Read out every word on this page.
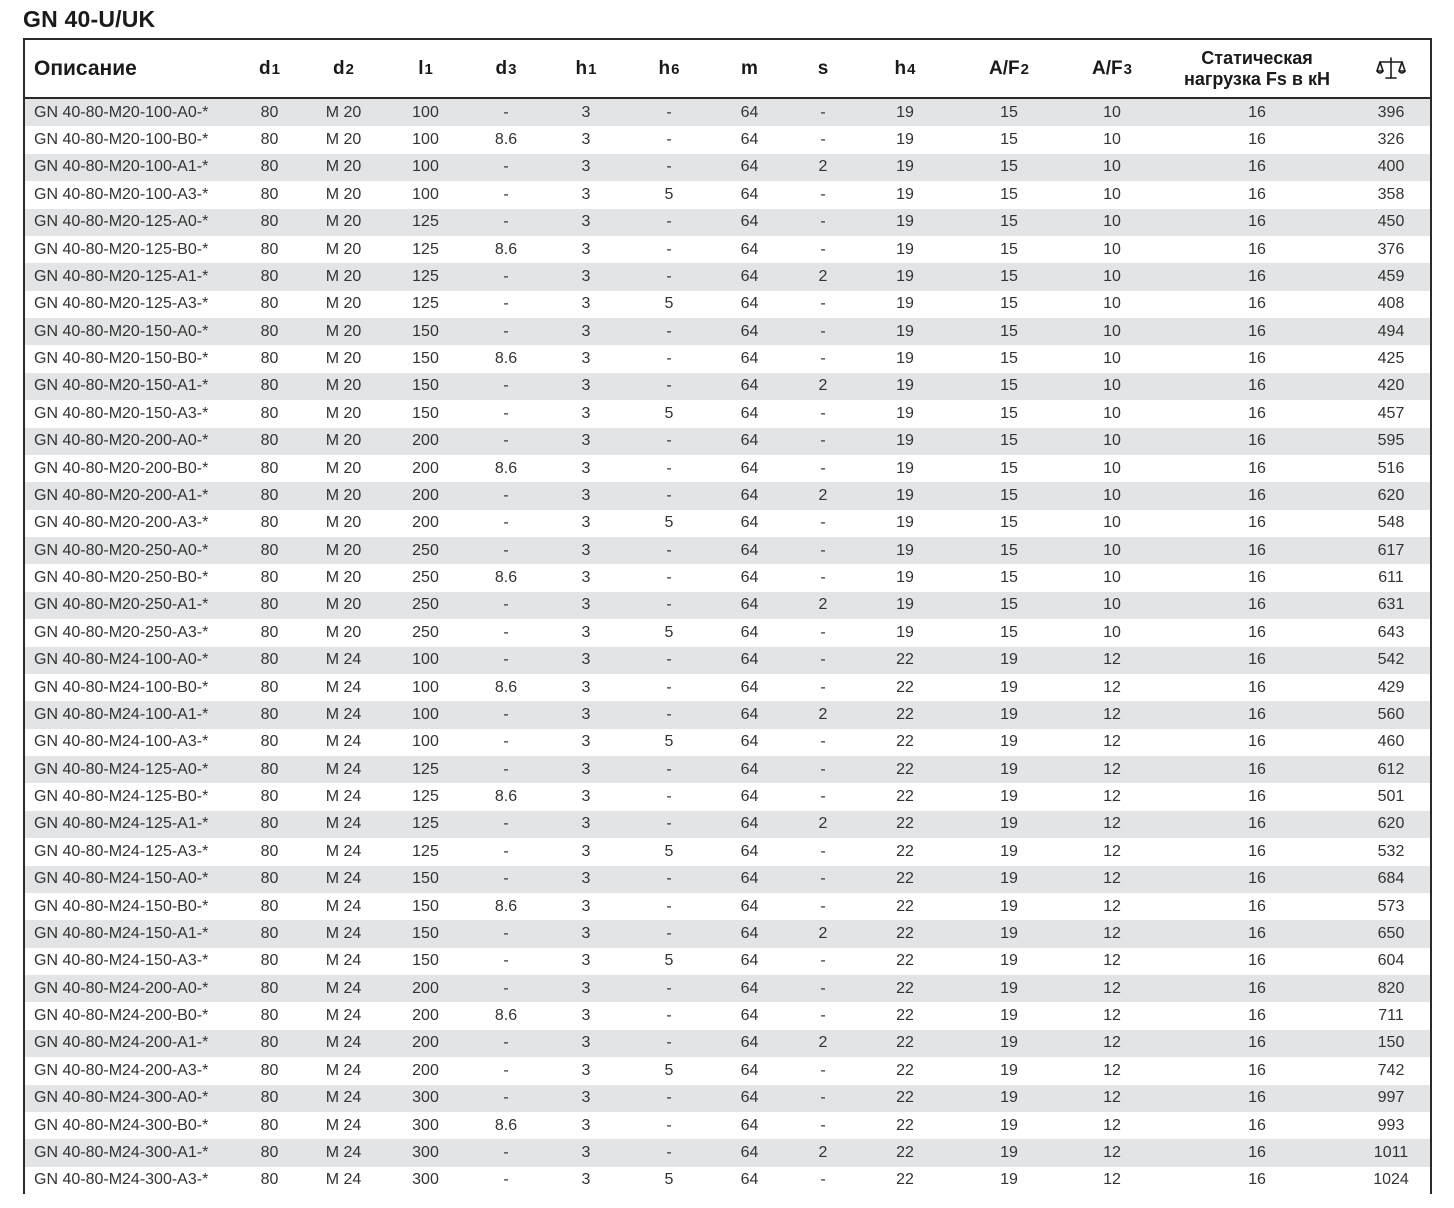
GN 40-U/UK
Описание	d1	d2	l1	d3	h1	h6	m	s	h4	A/F2	A/F3	Статическая
нагрузка Fs в кН

GN 40-80-M20-100-A0-*	80	M 20	100	-	3	-	64	-	19	15	10	16	396
GN 40-80-M20-100-B0-*	80	M 20	100	8.6	3	-	64	-	19	15	10	16	326
GN 40-80-M20-100-A1-*	80	M 20	100	-	3	-	64	2	19	15	10	16	400
GN 40-80-M20-100-A3-*	80	M 20	100	-	3	5	64	-	19	15	10	16	358
GN 40-80-M20-125-A0-*	80	M 20	125	-	3	-	64	-	19	15	10	16	450
GN 40-80-M20-125-B0-*	80	M 20	125	8.6	3	-	64	-	19	15	10	16	376
GN 40-80-M20-125-A1-*	80	M 20	125	-	3	-	64	2	19	15	10	16	459
GN 40-80-M20-125-A3-*	80	M 20	125	-	3	5	64	-	19	15	10	16	408
GN 40-80-M20-150-A0-*	80	M 20	150	-	3	-	64	-	19	15	10	16	494
GN 40-80-M20-150-B0-*	80	M 20	150	8.6	3	-	64	-	19	15	10	16	425
GN 40-80-M20-150-A1-*	80	M 20	150	-	3	-	64	2	19	15	10	16	420
GN 40-80-M20-150-A3-*	80	M 20	150	-	3	5	64	-	19	15	10	16	457
GN 40-80-M20-200-A0-*	80	M 20	200	-	3	-	64	-	19	15	10	16	595
GN 40-80-M20-200-B0-*	80	M 20	200	8.6	3	-	64	-	19	15	10	16	516
GN 40-80-M20-200-A1-*	80	M 20	200	-	3	-	64	2	19	15	10	16	620
GN 40-80-M20-200-A3-*	80	M 20	200	-	3	5	64	-	19	15	10	16	548
GN 40-80-M20-250-A0-*	80	M 20	250	-	3	-	64	-	19	15	10	16	617
GN 40-80-M20-250-B0-*	80	M 20	250	8.6	3	-	64	-	19	15	10	16	611
GN 40-80-M20-250-A1-*	80	M 20	250	-	3	-	64	2	19	15	10	16	631
GN 40-80-M20-250-A3-*	80	M 20	250	-	3	5	64	-	19	15	10	16	643
GN 40-80-M24-100-A0-*	80	M 24	100	-	3	-	64	-	22	19	12	16	542
GN 40-80-M24-100-B0-*	80	M 24	100	8.6	3	-	64	-	22	19	12	16	429
GN 40-80-M24-100-A1-*	80	M 24	100	-	3	-	64	2	22	19	12	16	560
GN 40-80-M24-100-A3-*	80	M 24	100	-	3	5	64	-	22	19	12	16	460
GN 40-80-M24-125-A0-*	80	M 24	125	-	3	-	64	-	22	19	12	16	612
GN 40-80-M24-125-B0-*	80	M 24	125	8.6	3	-	64	-	22	19	12	16	501
GN 40-80-M24-125-A1-*	80	M 24	125	-	3	-	64	2	22	19	12	16	620
GN 40-80-M24-125-A3-*	80	M 24	125	-	3	5	64	-	22	19	12	16	532
GN 40-80-M24-150-A0-*	80	M 24	150	-	3	-	64	-	22	19	12	16	684
GN 40-80-M24-150-B0-*	80	M 24	150	8.6	3	-	64	-	22	19	12	16	573
GN 40-80-M24-150-A1-*	80	M 24	150	-	3	-	64	2	22	19	12	16	650
GN 40-80-M24-150-A3-*	80	M 24	150	-	3	5	64	-	22	19	12	16	604
GN 40-80-M24-200-A0-*	80	M 24	200	-	3	-	64	-	22	19	12	16	820
GN 40-80-M24-200-B0-*	80	M 24	200	8.6	3	-	64	-	22	19	12	16	711
GN 40-80-M24-200-A1-*	80	M 24	200	-	3	-	64	2	22	19	12	16	150
GN 40-80-M24-200-A3-*	80	M 24	200	-	3	5	64	-	22	19	12	16	742
GN 40-80-M24-300-A0-*	80	M 24	300	-	3	-	64	-	22	19	12	16	997
GN 40-80-M24-300-B0-*	80	M 24	300	8.6	3	-	64	-	22	19	12	16	993
GN 40-80-M24-300-A1-*	80	M 24	300	-	3	-	64	2	22	19	12	16	1011
GN 40-80-M24-300-A3-*	80	M 24	300	-	3	5	64	-	22	19	12	16	1024
